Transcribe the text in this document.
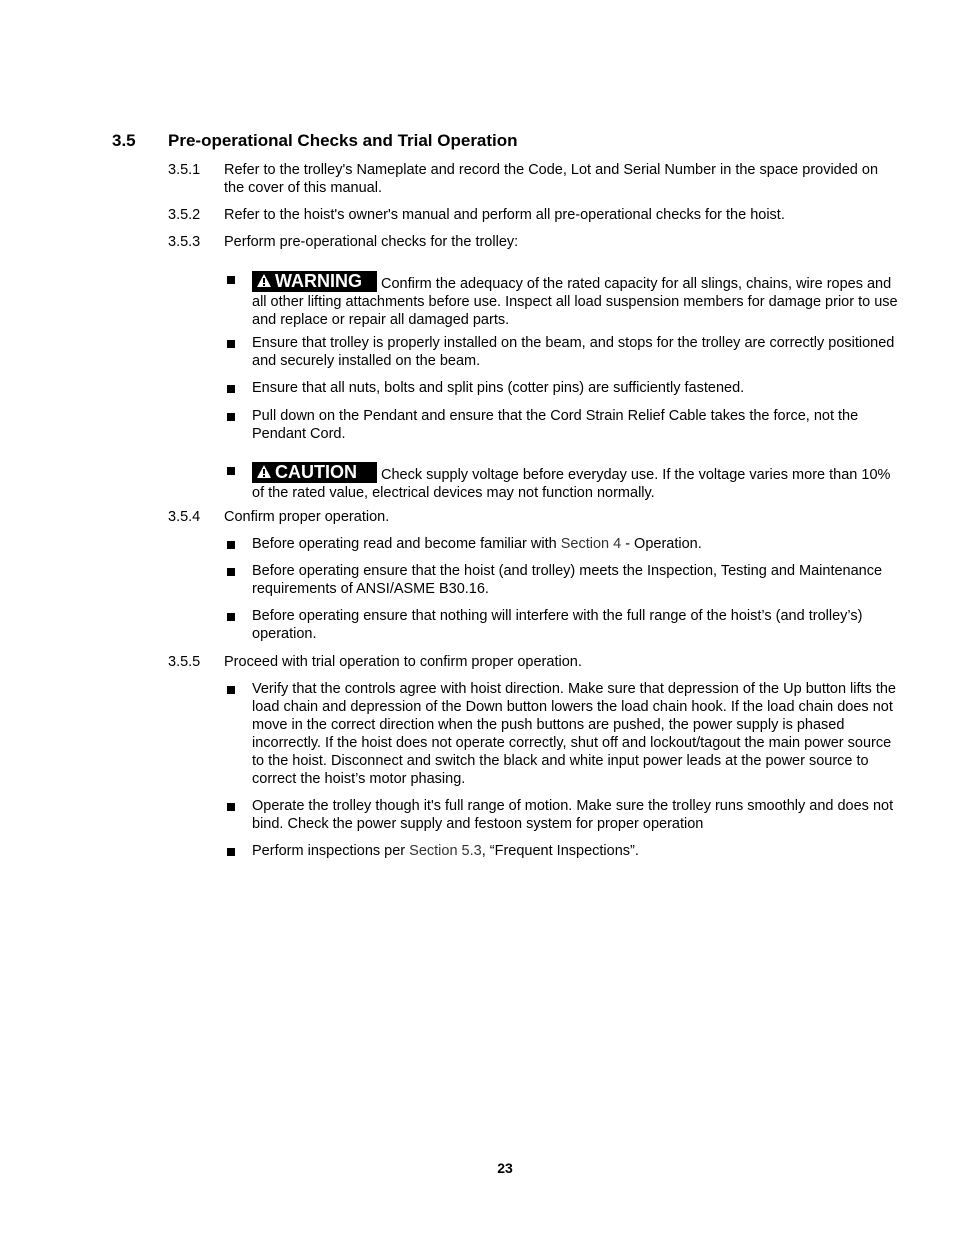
3.5 Pre-operational Checks and Trial Operation
3.5.1 Refer to the trolley's Nameplate and record the Code, Lot and Serial Number in the space provided on the cover of this manual.
3.5.2 Refer to the hoist's owner's manual and perform all pre-operational checks for the hoist.
3.5.3 Perform pre-operational checks for the trolley:
WARNING Confirm the adequacy of the rated capacity for all slings, chains, wire ropes and all other lifting attachments before use. Inspect all load suspension members for damage prior to use and replace or repair all damaged parts.
Ensure that trolley is properly installed on the beam, and stops for the trolley are correctly positioned and securely installed on the beam.
Ensure that all nuts, bolts and split pins (cotter pins) are sufficiently fastened.
Pull down on the Pendant and ensure that the Cord Strain Relief Cable takes the force, not the Pendant Cord.
CAUTION Check supply voltage before everyday use. If the voltage varies more than 10% of the rated value, electrical devices may not function normally.
3.5.4 Confirm proper operation.
Before operating read and become familiar with Section 4 - Operation.
Before operating ensure that the hoist (and trolley) meets the Inspection, Testing and Maintenance requirements of ANSI/ASME B30.16.
Before operating ensure that nothing will interfere with the full range of the hoist’s (and trolley’s) operation.
3.5.5 Proceed with trial operation to confirm proper operation.
Verify that the controls agree with hoist direction. Make sure that depression of the Up button lifts the load chain and depression of the Down button lowers the load chain hook. If the load chain does not move in the correct direction when the push buttons are pushed, the power supply is phased incorrectly. If the hoist does not operate correctly, shut off and lockout/tagout the main power source to the hoist. Disconnect and switch the black and white input power leads at the power source to correct the hoist’s motor phasing.
Operate the trolley though it's full range of motion. Make sure the trolley runs smoothly and does not bind. Check the power supply and festoon system for proper operation
Perform inspections per Section 5.3, “Frequent Inspections”.
23
